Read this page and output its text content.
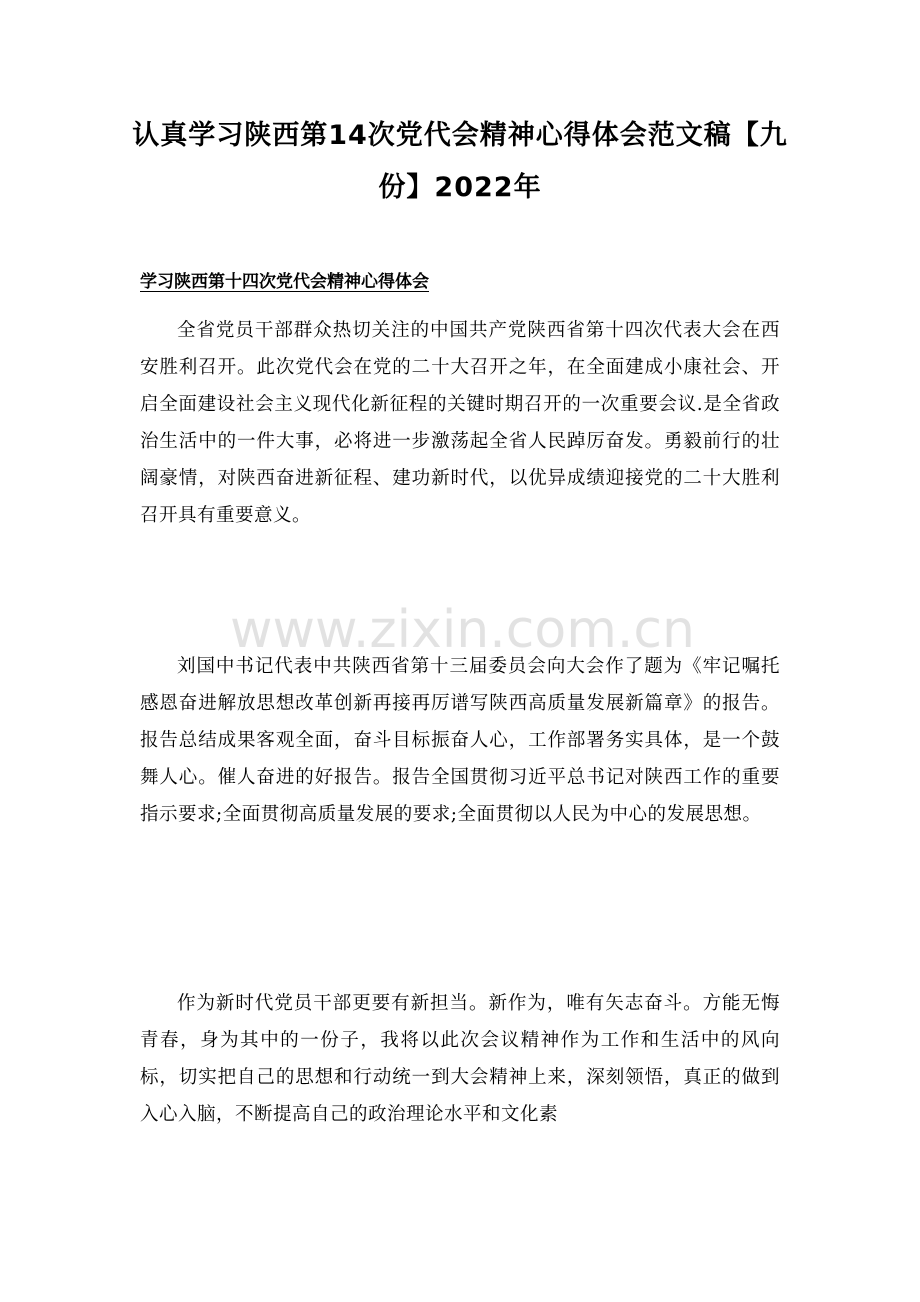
认真学习陕西第14次党代会精神心得体会范文稿【九份】2022年
学习陕西第十四次党代会精神心得体会

全省党员干部群众热切关注的中国共产党陕西省第十四次代表大会在西安胜利召开。此次党代会在党的二十大召开之年，在全面建成小康社会、开启全面建设社会主义现代化新征程的关键时期召开的一次重要会议.是全省政治生活中的一件大事，必将进一步激荡起全省人民踔厉奋发。勇毅前行的壮阔豪情，对陕西奋进新征程、建功新时代，以优异成绩迎接党的二十大胜利召开具有重要意义。

www.zixin.com.cn

刘国中书记代表中共陕西省第十三届委员会向大会作了题为《牢记嘱托感恩奋进解放思想改革创新再接再厉谱写陕西高质量发展新篇章》的报告。报告总结成果客观全面，奋斗目标振奋人心，工作部署务实具体，是一个鼓舞人心。催人奋进的好报告。报告全国贯彻习近平总书记对陕西工作的重要指示要求;全面贯彻高质量发展的要求;全面贯彻以人民为中心的发展思想。

作为新时代党员干部更要有新担当。新作为，唯有矢志奋斗。方能无悔青春，身为其中的一份子，我将以此次会议精神作为工作和生活中的风向标，切实把自己的思想和行动统一到大会精神上来，深刻领悟，真正的做到入心入脑，不断提高自己的政治理论水平和文化素
